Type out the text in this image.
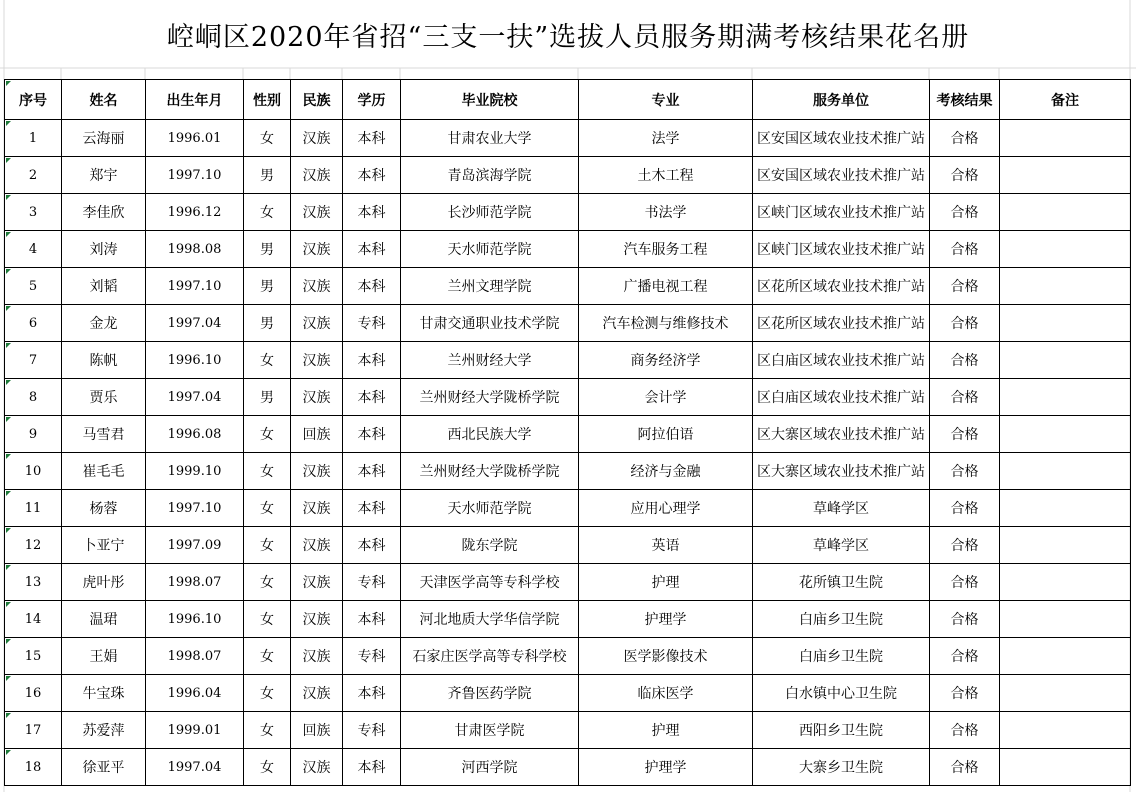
崆峒区2020年省招“三支一扶”选拔人员服务期满考核结果花名册
序号	姓名	出生年月	性别	民族	学历	毕业院校	专业	服务单位	考核结果	备注
1	云海丽	1996.01	女	汉族	本科	甘肃农业大学	法学	区安国区域农业技术推广站	合格	
2	郑宇	1997.10	男	汉族	本科	青岛滨海学院	土木工程	区安国区域农业技术推广站	合格	
3	李佳欣	1996.12	女	汉族	本科	长沙师范学院	书法学	区峡门区域农业技术推广站	合格	
4	刘涛	1998.08	男	汉族	本科	天水师范学院	汽车服务工程	区峡门区域农业技术推广站	合格	
5	刘韬	1997.10	男	汉族	本科	兰州文理学院	广播电视工程	区花所区域农业技术推广站	合格	
6	金龙	1997.04	男	汉族	专科	甘肃交通职业技术学院	汽车检测与维修技术	区花所区域农业技术推广站	合格	
7	陈帆	1996.10	女	汉族	本科	兰州财经大学	商务经济学	区白庙区域农业技术推广站	合格	
8	贾乐	1997.04	男	汉族	本科	兰州财经大学陇桥学院	会计学	区白庙区域农业技术推广站	合格	
9	马雪君	1996.08	女	回族	本科	西北民族大学	阿拉伯语	区大寨区域农业技术推广站	合格	
10	崔毛毛	1999.10	女	汉族	本科	兰州财经大学陇桥学院	经济与金融	区大寨区域农业技术推广站	合格	
11	杨蓉	1997.10	女	汉族	本科	天水师范学院	应用心理学	草峰学区	合格	
12	卜亚宁	1997.09	女	汉族	本科	陇东学院	英语	草峰学区	合格	
13	虎叶彤	1998.07	女	汉族	专科	天津医学高等专科学校	护理	花所镇卫生院	合格	
14	温珺	1996.10	女	汉族	本科	河北地质大学华信学院	护理学	白庙乡卫生院	合格	
15	王娟	1998.07	女	汉族	专科	石家庄医学高等专科学校	医学影像技术	白庙乡卫生院	合格	
16	牛宝珠	1996.04	女	汉族	本科	齐鲁医药学院	临床医学	白水镇中心卫生院	合格	
17	苏爱萍	1999.01	女	回族	专科	甘肃医学院	护理	西阳乡卫生院	合格	
18	徐亚平	1997.04	女	汉族	本科	河西学院	护理学	大寨乡卫生院	合格	
